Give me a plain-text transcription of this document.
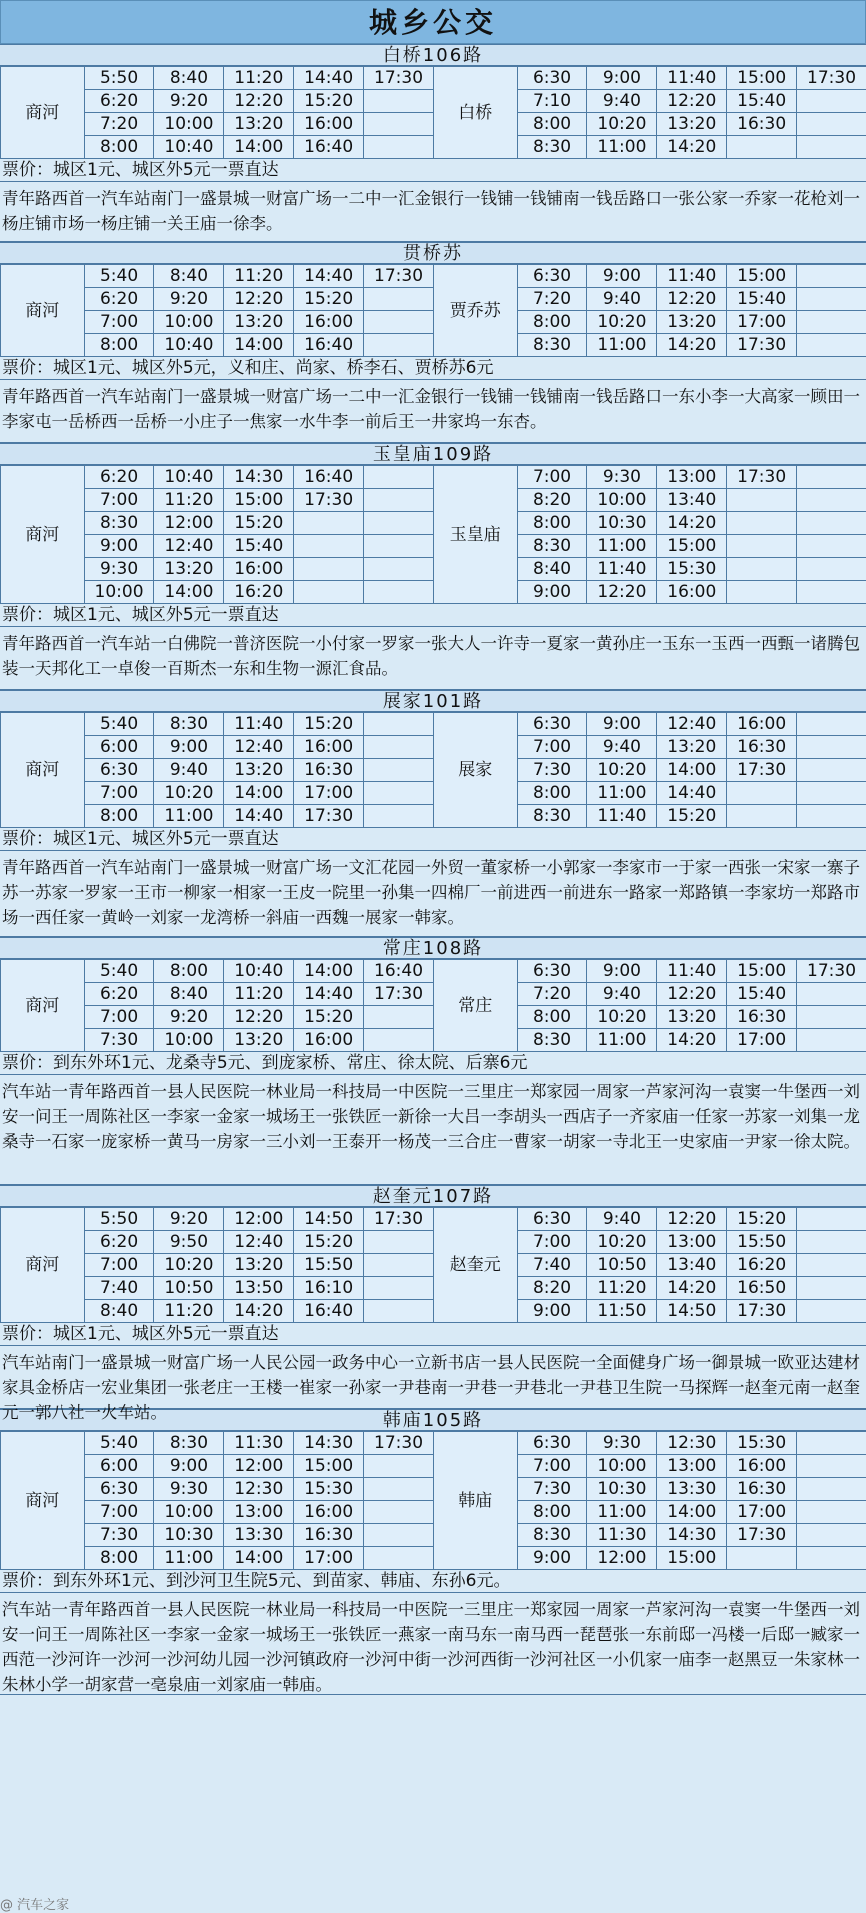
城乡公交
白桥106路
商河	5:50	8:40	11:20	14:40	17:30	白桥	6:30	9:00	11:40	15:00	17:30
	6:20	9:20	12:20	15:20			7:10	9:40	12:20	15:40	
	7:20	10:00	13:20	16:00			8:00	10:20	13:20	16:30	
	8:00	10:40	14:00	16:40			8:30	11:00	14:20		
票价：城区1元、城区外5元一票直达
青年路西首一汽车站南门一盛景城一财富广场一二中一汇金银行一钱铺一钱铺南一钱岳路口一张公家一乔家一花枪刘一杨庄铺市场一杨庄铺一关王庙一徐李。
贯桥苏
商河	5:40	8:40	11:20	14:40	17:30	贾乔苏	6:30	9:00	11:40	15:00	
	6:20	9:20	12:20	15:20			7:20	9:40	12:20	15:40	
	7:00	10:00	13:20	16:00			8:00	10:20	13:20	17:00	
	8:00	10:40	14:00	16:40			8:30	11:00	14:20	17:30	
票价：城区1元、城区外5元，义和庄、尚家、桥李石、贾桥苏6元
青年路西首一汽车站南门一盛景城一财富广场一二中一汇金银行一钱铺一钱铺南一钱岳路口一东小李一大高家一顾田一李家屯一岳桥西一岳桥一小庄子一焦家一水牛李一前后王一井家坞一东杏。
玉皇庙109路
商河	6:20	10:40	14:30	16:40		玉皇庙	7:00	9:30	13:00	17:30	
	7:00	11:20	15:00	17:30			8:20	10:00	13:40		
	8:30	12:00	15:20				8:00	10:30	14:20		
	9:00	12:40	15:40				8:30	11:00	15:00		
	9:30	13:20	16:00				8:40	11:40	15:30		
	10:00	14:00	16:20				9:00	12:20	16:00		
票价：城区1元、城区外5元一票直达
青年路西首一汽车站一白佛院一普济医院一小付家一罗家一张大人一许寺一夏家一黄孙庄一玉东一玉西一西甄一诸腾包装一天邦化工一卓俊一百斯杰一东和生物一源汇食品。
展家101路
商河	5:40	8:30	11:40	15:20		展家	6:30	9:00	12:40	16:00	
	6:00	9:00	12:40	16:00			7:00	9:40	13:20	16:30	
	6:30	9:40	13:20	16:30			7:30	10:20	14:00	17:30	
	7:00	10:20	14:00	17:00			8:00	11:00	14:40		
	8:00	11:00	14:40	17:30			8:30	11:40	15:20		
票价：城区1元、城区外5元一票直达
青年路西首一汽车站南门一盛景城一财富广场一文汇花园一外贸一董家桥一小郭家一李家市一于家一西张一宋家一寨子苏一苏家一罗家一王市一柳家一相家一王皮一院里一孙集一四棉厂一前进西一前进东一路家一郑路镇一李家坊一郑路市场一西任家一黄岭一刘家一龙湾桥一斜庙一西魏一展家一韩家。
常庄108路
商河	5:40	8:00	10:40	14:00	16:40	常庄	6:30	9:00	11:40	15:00	17:30
	6:20	8:40	11:20	14:40	17:30		7:20	9:40	12:20	15:40	
	7:00	9:20	12:20	15:20			8:00	10:20	13:20	16:30	
	7:30	10:00	13:20	16:00			8:30	11:00	14:20	17:00	
票价：到东外环1元、龙桑寺5元、到庞家桥、常庄、徐太院、后寨6元
汽车站一青年路西首一县人民医院一林业局一科技局一中医院一三里庄一郑家园一周家一芦家河沟一袁窦一牛堡西一刘安一问王一周陈社区一李家一金家一城场王一张铁匠一新徐一大吕一李胡头一西店子一齐家庙一任家一苏家一刘集一龙桑寺一石家一庞家桥一黄马一房家一三小刘一王泰开一杨茂一三合庄一曹家一胡家一寺北王一史家庙一尹家一徐太院。
赵奎元107路
商河	5:50	9:20	12:00	14:50	17:30	赵奎元	6:30	9:40	12:20	15:20	
	6:20	9:50	12:40	15:20			7:00	10:20	13:00	15:50	
	7:00	10:20	13:20	15:50			7:40	10:50	13:40	16:20	
	7:40	10:50	13:50	16:10			8:20	11:20	14:20	16:50	
	8:40	11:20	14:20	16:40			9:00	11:50	14:50	17:30	
票价：城区1元、城区外5元一票直达
汽车站南门一盛景城一财富广场一人民公园一政务中心一立新书店一县人民医院一全面健身广场一御景城一欧亚达建材家具金桥店一宏业集团一张老庄一王楼一崔家一孙家一尹巷南一尹巷一尹巷北一尹巷卫生院一马探辉一赵奎元南一赵奎元一郭八社一火车站。	韩庙105路
商河	5:40	8:30	11:30	14:30	17:30	韩庙	6:30	9:30	12:30	15:30	
	6:00	9:00	12:00	15:00			7:00	10:00	13:00	16:00	
	6:30	9:30	12:30	15:30			7:30	10:30	13:30	16:30	
	7:00	10:00	13:00	16:00			8:00	11:00	14:00	17:00	
	7:30	10:30	13:30	16:30			8:30	11:30	14:30	17:30	
	8:00	11:00	14:00	17:00			9:00	12:00	15:00		
票价：到东外环1元、到沙河卫生院5元、到苗家、韩庙、东孙6元。
汽车站一青年路西首一县人民医院一林业局一科技局一中医院一三里庄一郑家园一周家一芦家河沟一袁窦一牛堡西一刘安一问王一周陈社区一李家一金家一城场王一张铁匠一燕家一南马东一南马西一琵琶张一东前邸一冯楼一后邸一臧家一西范一沙河许一沙河一沙河幼儿园一沙河镇政府一沙河中街一沙河西街一沙河社区一小仉家一庙李一赵黑豆一朱家林一朱林小学一胡家营一亳泉庙一刘家庙一韩庙。
@ 汽车之家
